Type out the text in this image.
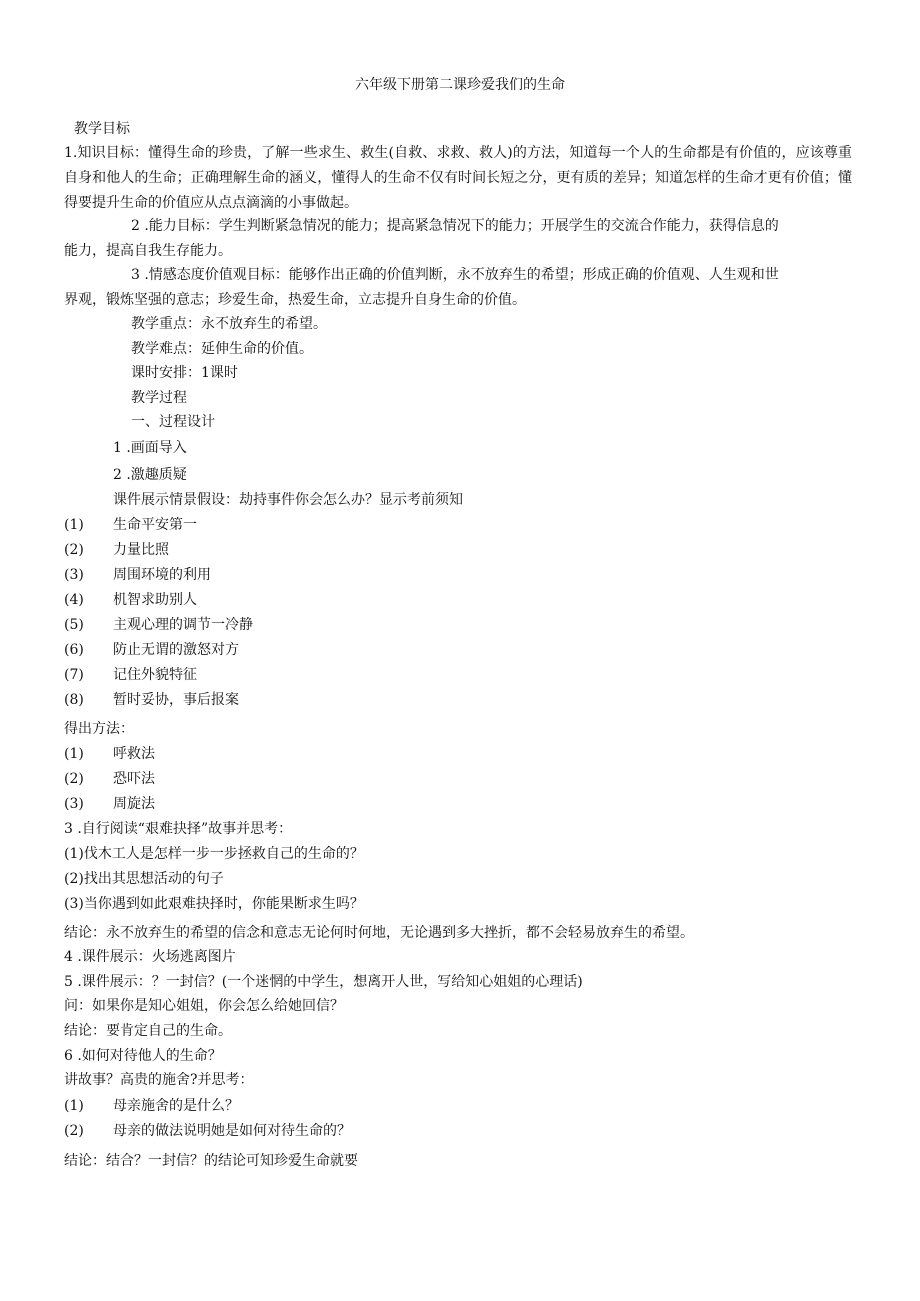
六年级下册第二课珍爱我们的生命
教学目标
1.知识目标：懂得生命的珍贵，了解一些求生、救生(自救、求救、救人)的方法，知道每一个人的生命都是有价值的，应该尊重自身和他人的生命；正确理解生命的涵义，懂得人的生命不仅有时间长短之分，更有质的差异；知道怎样的生命才更有价值；懂得要提升生命的价值应从点点滴滴的小事做起。
2 .能力目标：学生判断紧急情况的能力；提高紧急情况下的能力；开展学生的交流合作能力，获得信息的
能力，提高自我生存能力。
3 .情感态度价值观目标：能够作出正确的价值判断，永不放弃生的希望；形成正确的价值观、人生观和世
界观，锻炼坚强的意志；珍爱生命，热爱生命，立志提升自身生命的价值。
教学重点：永不放弃生的希望。
教学难点：延伸生命的价值。
课时安排：1课时
教学过程
一、过程设计
1 .画面导入
2 .激趣质疑
课件展示情景假设：劫持事件你会怎么办？显示考前须知
(1) 生命平安第一
(2) 力量比照
(3) 周围环境的利用
(4) 机智求助别人
(5) 主观心理的调节一冷静
(6) 防止无谓的激怒对方
(7) 记住外貌特征
(8) 暂时妥协，事后报案
得出方法：
(1) 呼救法
(2) 恐吓法
(3) 周旋法
3 .自行阅读“艰难抉择”故事并思考：
(1)伐木工人是怎样一步一步拯救自己的生命的？
(2)找出其思想活动的句子
(3)当你遇到如此艰难抉择时，你能果断求生吗？
结论：永不放弃生的希望的信念和意志无论何时何地，无论遇到多大挫折，都不会轻易放弃生的希望。
4 .课件展示：火场逃离图片
5 .课件展示：？一封信？(一个迷惘的中学生，想离开人世，写给知心姐姐的心理话)
问：如果你是知心姐姐，你会怎么给她回信？
结论：要肯定自己的生命。
6 .如何对待他人的生命？
讲故事？高贵的施舍?并思考：
(1) 母亲施舍的是什么？
(2) 母亲的做法说明她是如何对待生命的？
结论：结合？一封信？的结论可知珍爱生命就要
